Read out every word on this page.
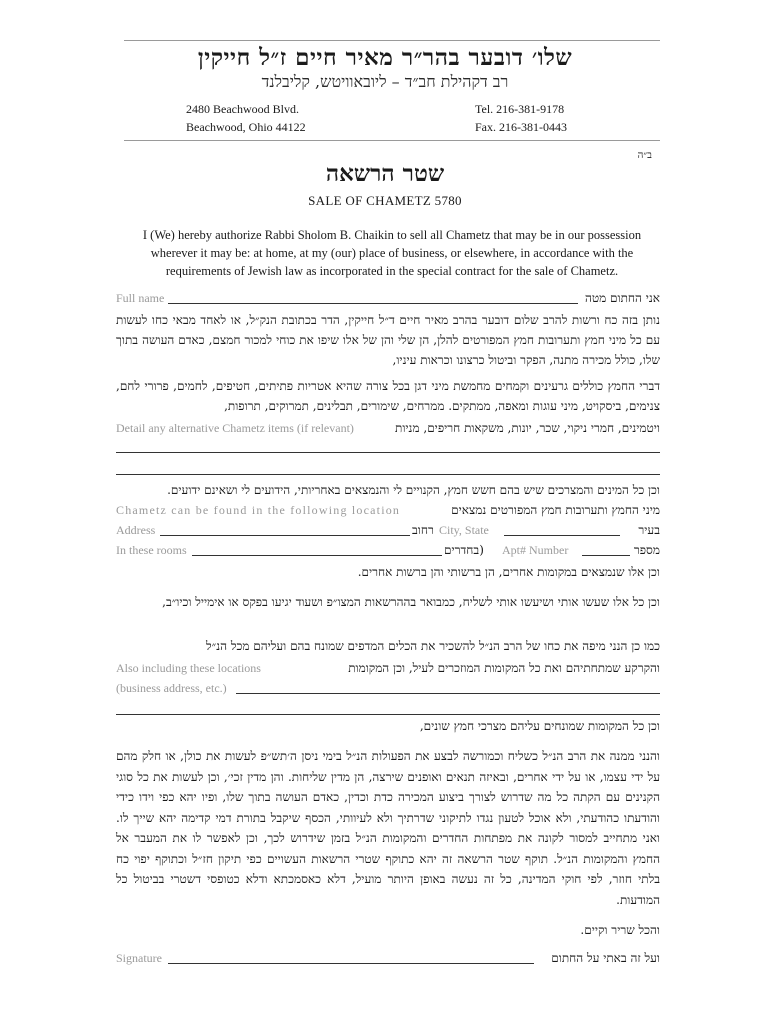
שלו׳ דובער בהר״ר מאיר חיים ז״ל חייקין
רב דקהילת חב״ד – ליובאוויטש, קליבלנד
2480 Beachwood Blvd.
Beachwood, Ohio 44122
Tel. 216-381-9178
Fax. 216-381-0443
ב״ה
שטר הרשאה
SALE OF CHAMETZ 5780
I (We) hereby authorize Rabbi Sholom B. Chaikin to sell all Chametz that may be in our possession wherever it may be: at home, at my (our) place of business, or elsewhere, in accordance with the requirements of Jewish law as incorporated in the special contract for the sale of Chametz.
Full name	אני החתום מטה
נותן בזה כח ורשות להרב שלום דובער בהרב מאיר חיים ד״ל חייקין, הדר בכתובת הנק״ל, או לאחד מבאי כחו לעשות עם כל מיני חמץ ותערובות חמץ המפורטים להלן, הן שלי והן של אלו שיפו את כוחי למכור חמצם, כאדם העושה בתוך שלו, כולל מכירה מתנה, הפקר וביטול כרצונו וכראות עיניו,
דברי החמץ כוללים גרעינים וקמחים מחמשת מיני דגן בכל צורה שהיא אטריות פתיתים, חטיפים, לחמים, פרורי לחם, צנימים, ביסקויט, מיני עוגות ומאפה, ממתקים. ממרחים, שימורים, תבלינים, תמרוקים, תרופות,
Detail any alternative Chametz items (if relevant)	ויטמינים, חמרי ניקוי, שכר, יונות, משקאות חריפים, מניות
וכן כל המינים והמצרכים שיש בהם חשש חמץ, הקנויים לי והנמצאים באחריותי, הידועים לי ושאינם ידועים.
Chametz can be found in the following location	מיני החמץ ותערובות חמץ המפורטים נמצאים
Address	רחוב City, State	בעיר
In these rooms	בחדרים) Apt# Number	מספר
וכן אלו שנמצאים במקומות אחרים, הן ברשותי והן ברשות אחרים.
וכן כל אלו שעשו אותי ושיעשו אותי לשליח, כמבואר בההרשאות המצו״פ ושעוד יגיעו בפקס או אימייל וכיו״ב,
כמו כן הנני מיפה את כחו של הרב הנ״ל להשכיר את הכלים המדפים שמונח בהם ועליהם מכל הנ״ל
Also including these locations	והקרקע שמתחתיהם ואת כל המקומות המוזכרים לעיל, וכן המקומות
(business address, etc.)
וכן כל המקומות שמונחים עליהם מצרכי חמץ שונים,
והנני ממנה את הרב הנ״ל כשליח וכמורשה לבצע את הפעולות הנ״ל בימי ניסן ה׳תש״פ לעשות את כולן, או חלק מהם על ידי עצמו, או על ידי אחרים, ובאיזה תנאים ואופנים שירצה, הן מדין שליחות. והן מדין זכי׳, וכן לעשות את כל סוגי הקנינים עם הקתה כל מה שדרוש לצורך ביצוע המכירה כדת וכדין, כאדם העושה בתוך שלו, ופיו יהא כפי וידו כידי והודעתו כהודעתי, ולא אוכל לטעון נגדו לתיקוני שדרתיך ולא לעיוותי, הכסף שיקבל בתורת דמי קדימה יהא שייך לו. ואני מתחייב למסור לקונה את מפתחות החדרים והמקומות הנ״ל בזמן שידרוש לכך, וכן לאפשר לו את המעבר אל החמץ והמקומות הנ״ל. תוקף שטר הרשאה זה יהא כתוקף שטרי הרשאות העשויים כפי תיקון חז״ל וכתוקף יפוי כח בלתי חוזר, לפי חוקי המדינה, כל זה נעשה באופן היותר מועיל, דלא כאסמכתא ודלא כטופסי דשטרי בביטול כל המודעות.
והכל שריר וקיים.
Signature	ועל זה באתי על החתום
